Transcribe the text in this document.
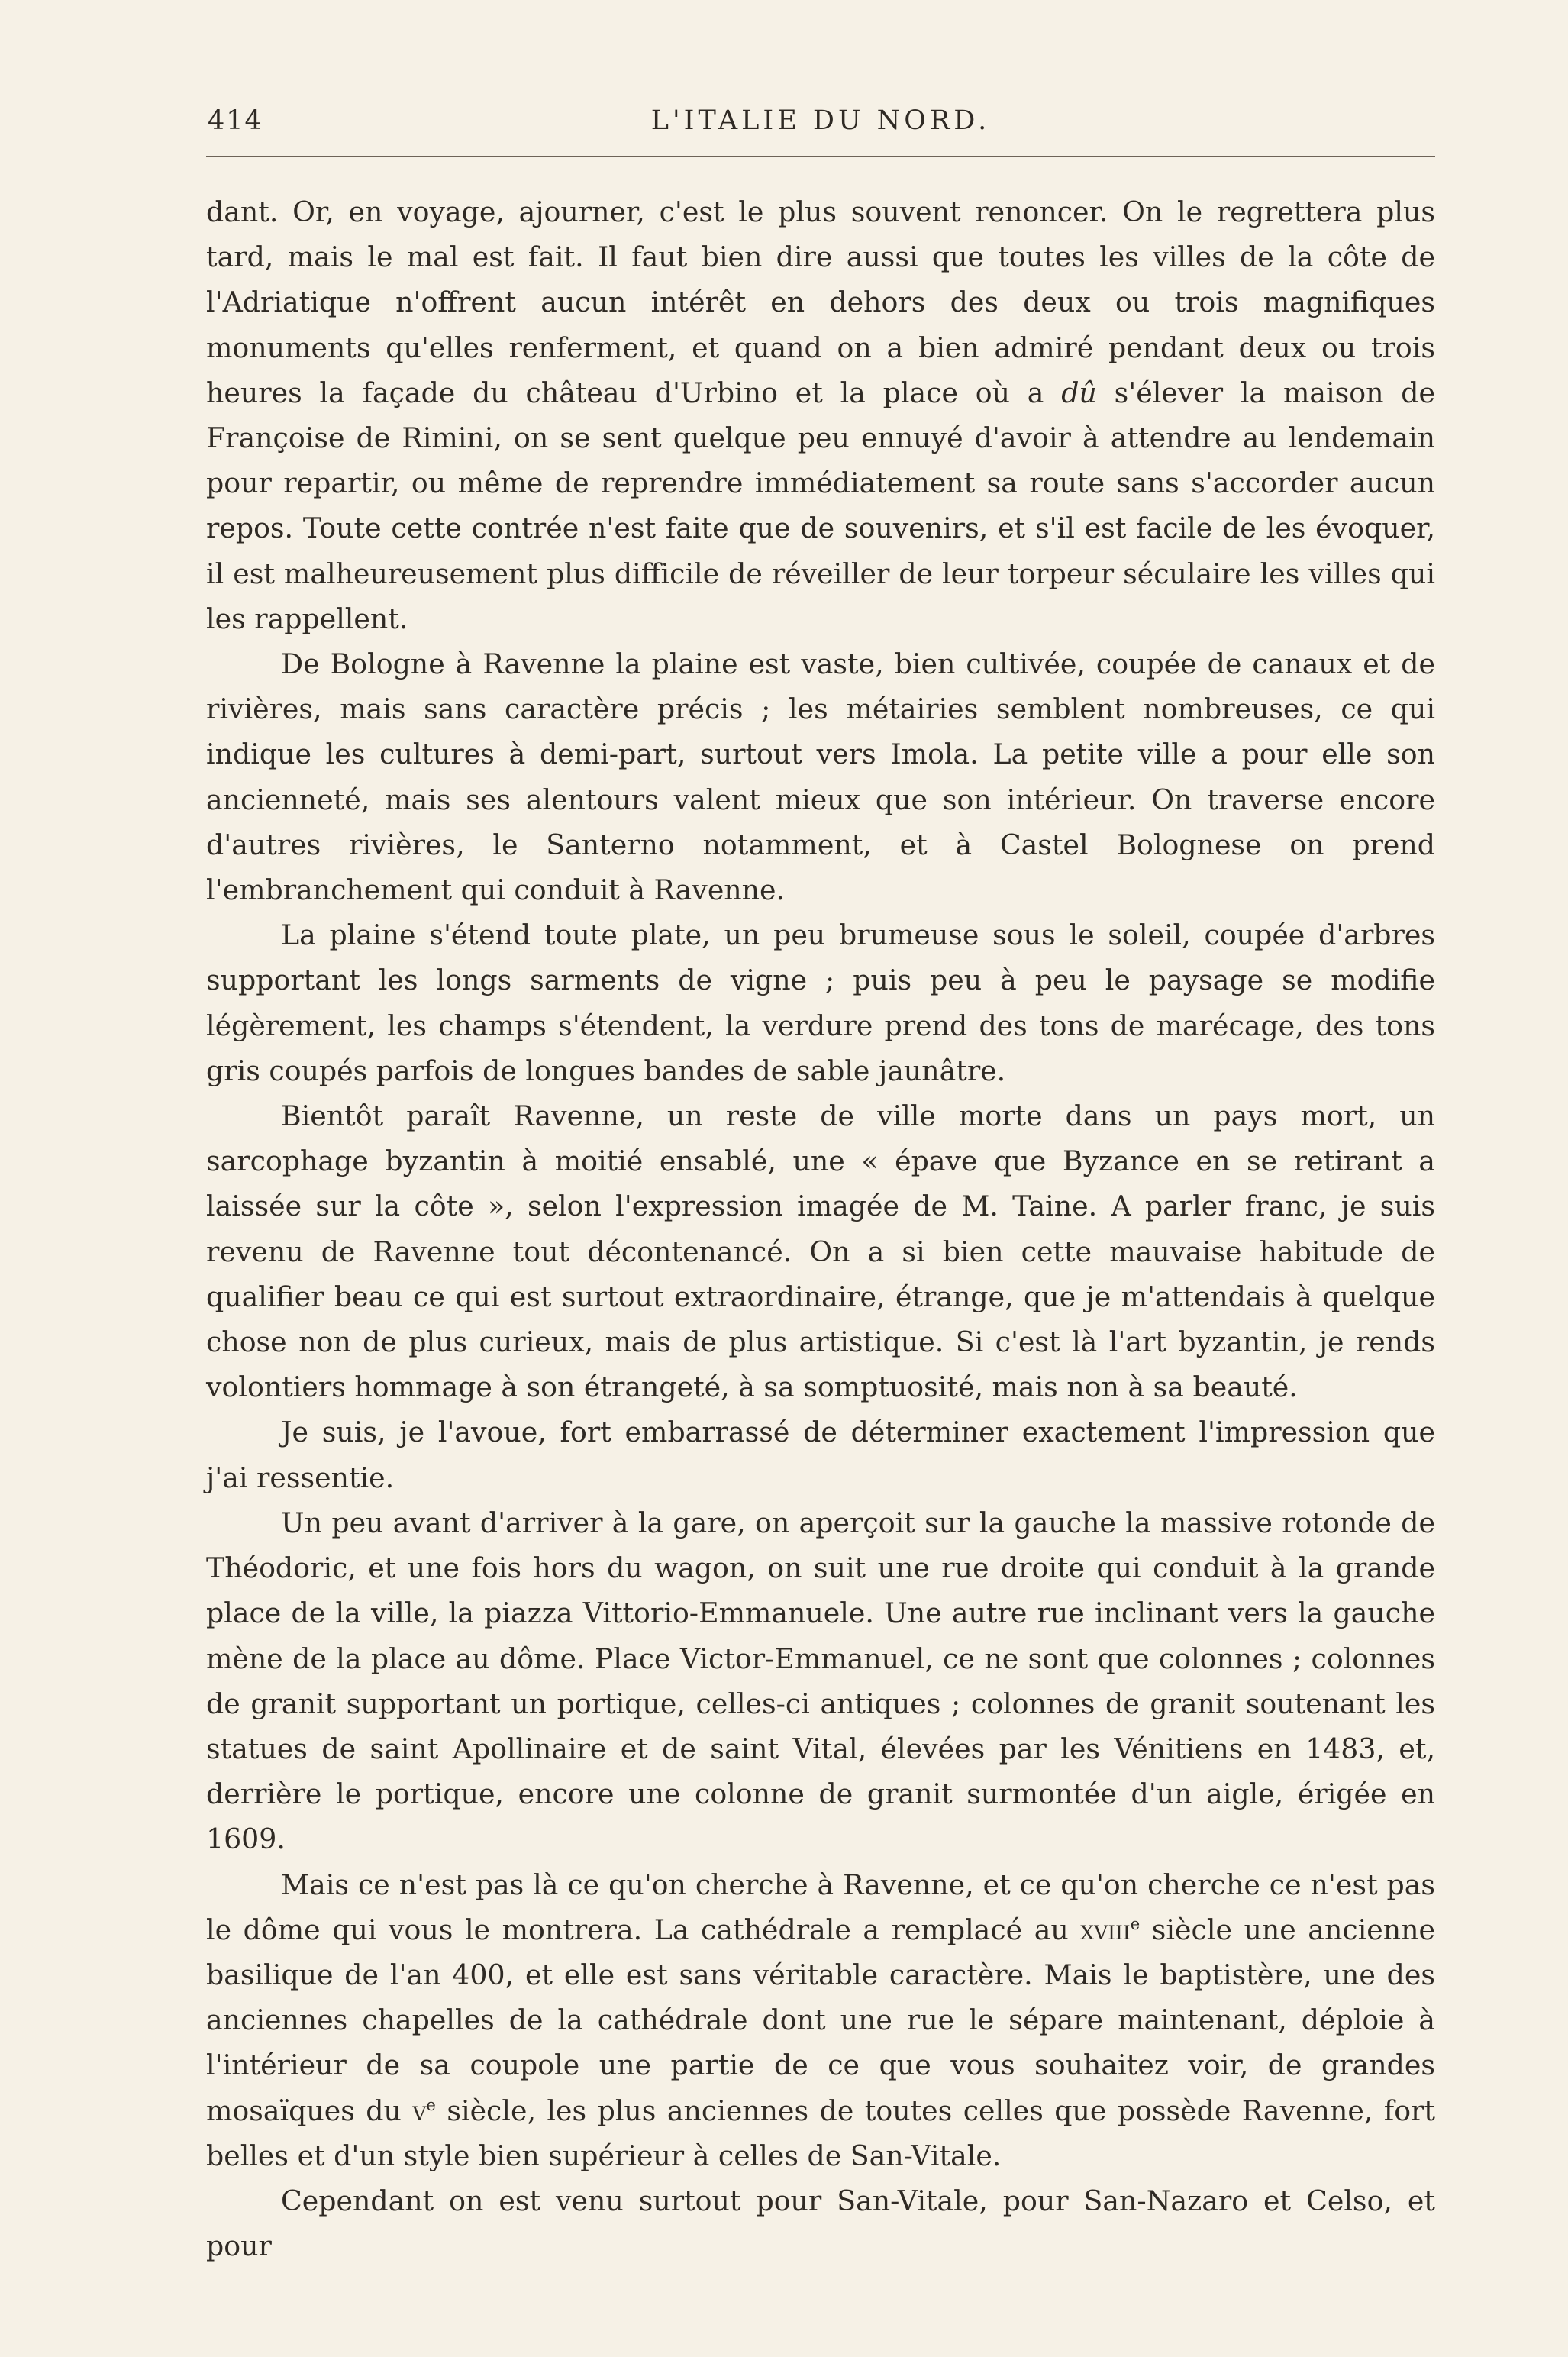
414	L'ITALIE DU NORD.

dant. Or, en voyage, ajourner, c'est le plus souvent renoncer. On le regrettera plus tard, mais le mal est fait. Il faut bien dire aussi que toutes les villes de la côte de l'Adriatique n'offrent aucun intérêt en dehors des deux ou trois magnifiques monuments qu'elles renferment, et quand on a bien admiré pendant deux ou trois heures la façade du château d'Urbino et la place où a dû s'élever la maison de Françoise de Rimini, on se sent quelque peu ennuyé d'avoir à attendre au lendemain pour repartir, ou même de reprendre immédiatement sa route sans s'accorder aucun repos. Toute cette contrée n'est faite que de souvenirs, et s'il est facile de les évoquer, il est malheureusement plus difficile de réveiller de leur torpeur séculaire les villes qui les rappellent.

De Bologne à Ravenne la plaine est vaste, bien cultivée, coupée de canaux et de rivières, mais sans caractère précis ; les métairies semblent nombreuses, ce qui indique les cultures à demi-part, surtout vers Imola. La petite ville a pour elle son ancienneté, mais ses alentours valent mieux que son intérieur. On traverse encore d'autres rivières, le Santerno notamment, et à Castel Bolognese on prend l'embranchement qui conduit à Ravenne.

La plaine s'étend toute plate, un peu brumeuse sous le soleil, coupée d'arbres supportant les longs sarments de vigne ; puis peu à peu le paysage se modifie légèrement, les champs s'étendent, la verdure prend des tons de marécage, des tons gris coupés parfois de longues bandes de sable jaunâtre.

Bientôt paraît Ravenne, un reste de ville morte dans un pays mort, un sarcophage byzantin à moitié ensablé, une « épave que Byzance en se retirant a laissée sur la côte », selon l'expression imagée de M. Taine. A parler franc, je suis revenu de Ravenne tout décontenancé. On a si bien cette mauvaise habitude de qualifier beau ce qui est surtout extraordinaire, étrange, que je m'attendais à quelque chose non de plus curieux, mais de plus artistique. Si c'est là l'art byzantin, je rends volontiers hommage à son étrangeté, à sa somptuosité, mais non à sa beauté.

Je suis, je l'avoue, fort embarrassé de déterminer exactement l'impression que j'ai ressentie.

Un peu avant d'arriver à la gare, on aperçoit sur la gauche la massive rotonde de Théodoric, et une fois hors du wagon, on suit une rue droite qui conduit à la grande place de la ville, la piazza Vittorio-Emmanuele. Une autre rue inclinant vers la gauche mène de la place au dôme. Place Victor-Emmanuel, ce ne sont que colonnes ; colonnes de granit supportant un portique, celles-ci antiques ; colonnes de granit soutenant les statues de saint Apollinaire et de saint Vital, élevées par les Vénitiens en 1483, et, derrière le portique, encore une colonne de granit surmontée d'un aigle, érigée en 1609.

Mais ce n'est pas là ce qu'on cherche à Ravenne, et ce qu'on cherche ce n'est pas le dôme qui vous le montrera. La cathédrale a remplacé au xviii$^e$ siècle une ancienne basilique de l'an 400, et elle est sans véritable caractère. Mais le baptistère, une des anciennes chapelles de la cathédrale dont une rue le sépare maintenant, déploie à l'intérieur de sa coupole une partie de ce que vous souhaitez voir, de grandes mosaïques du $v^e$ siècle, les plus anciennes de toutes celles que possède Ravenne, fort belles et d'un style bien supérieur à celles de San-Vitale.

Cependant on est venu surtout pour San-Vitale, pour San-Nazaro et Celso, et pour
